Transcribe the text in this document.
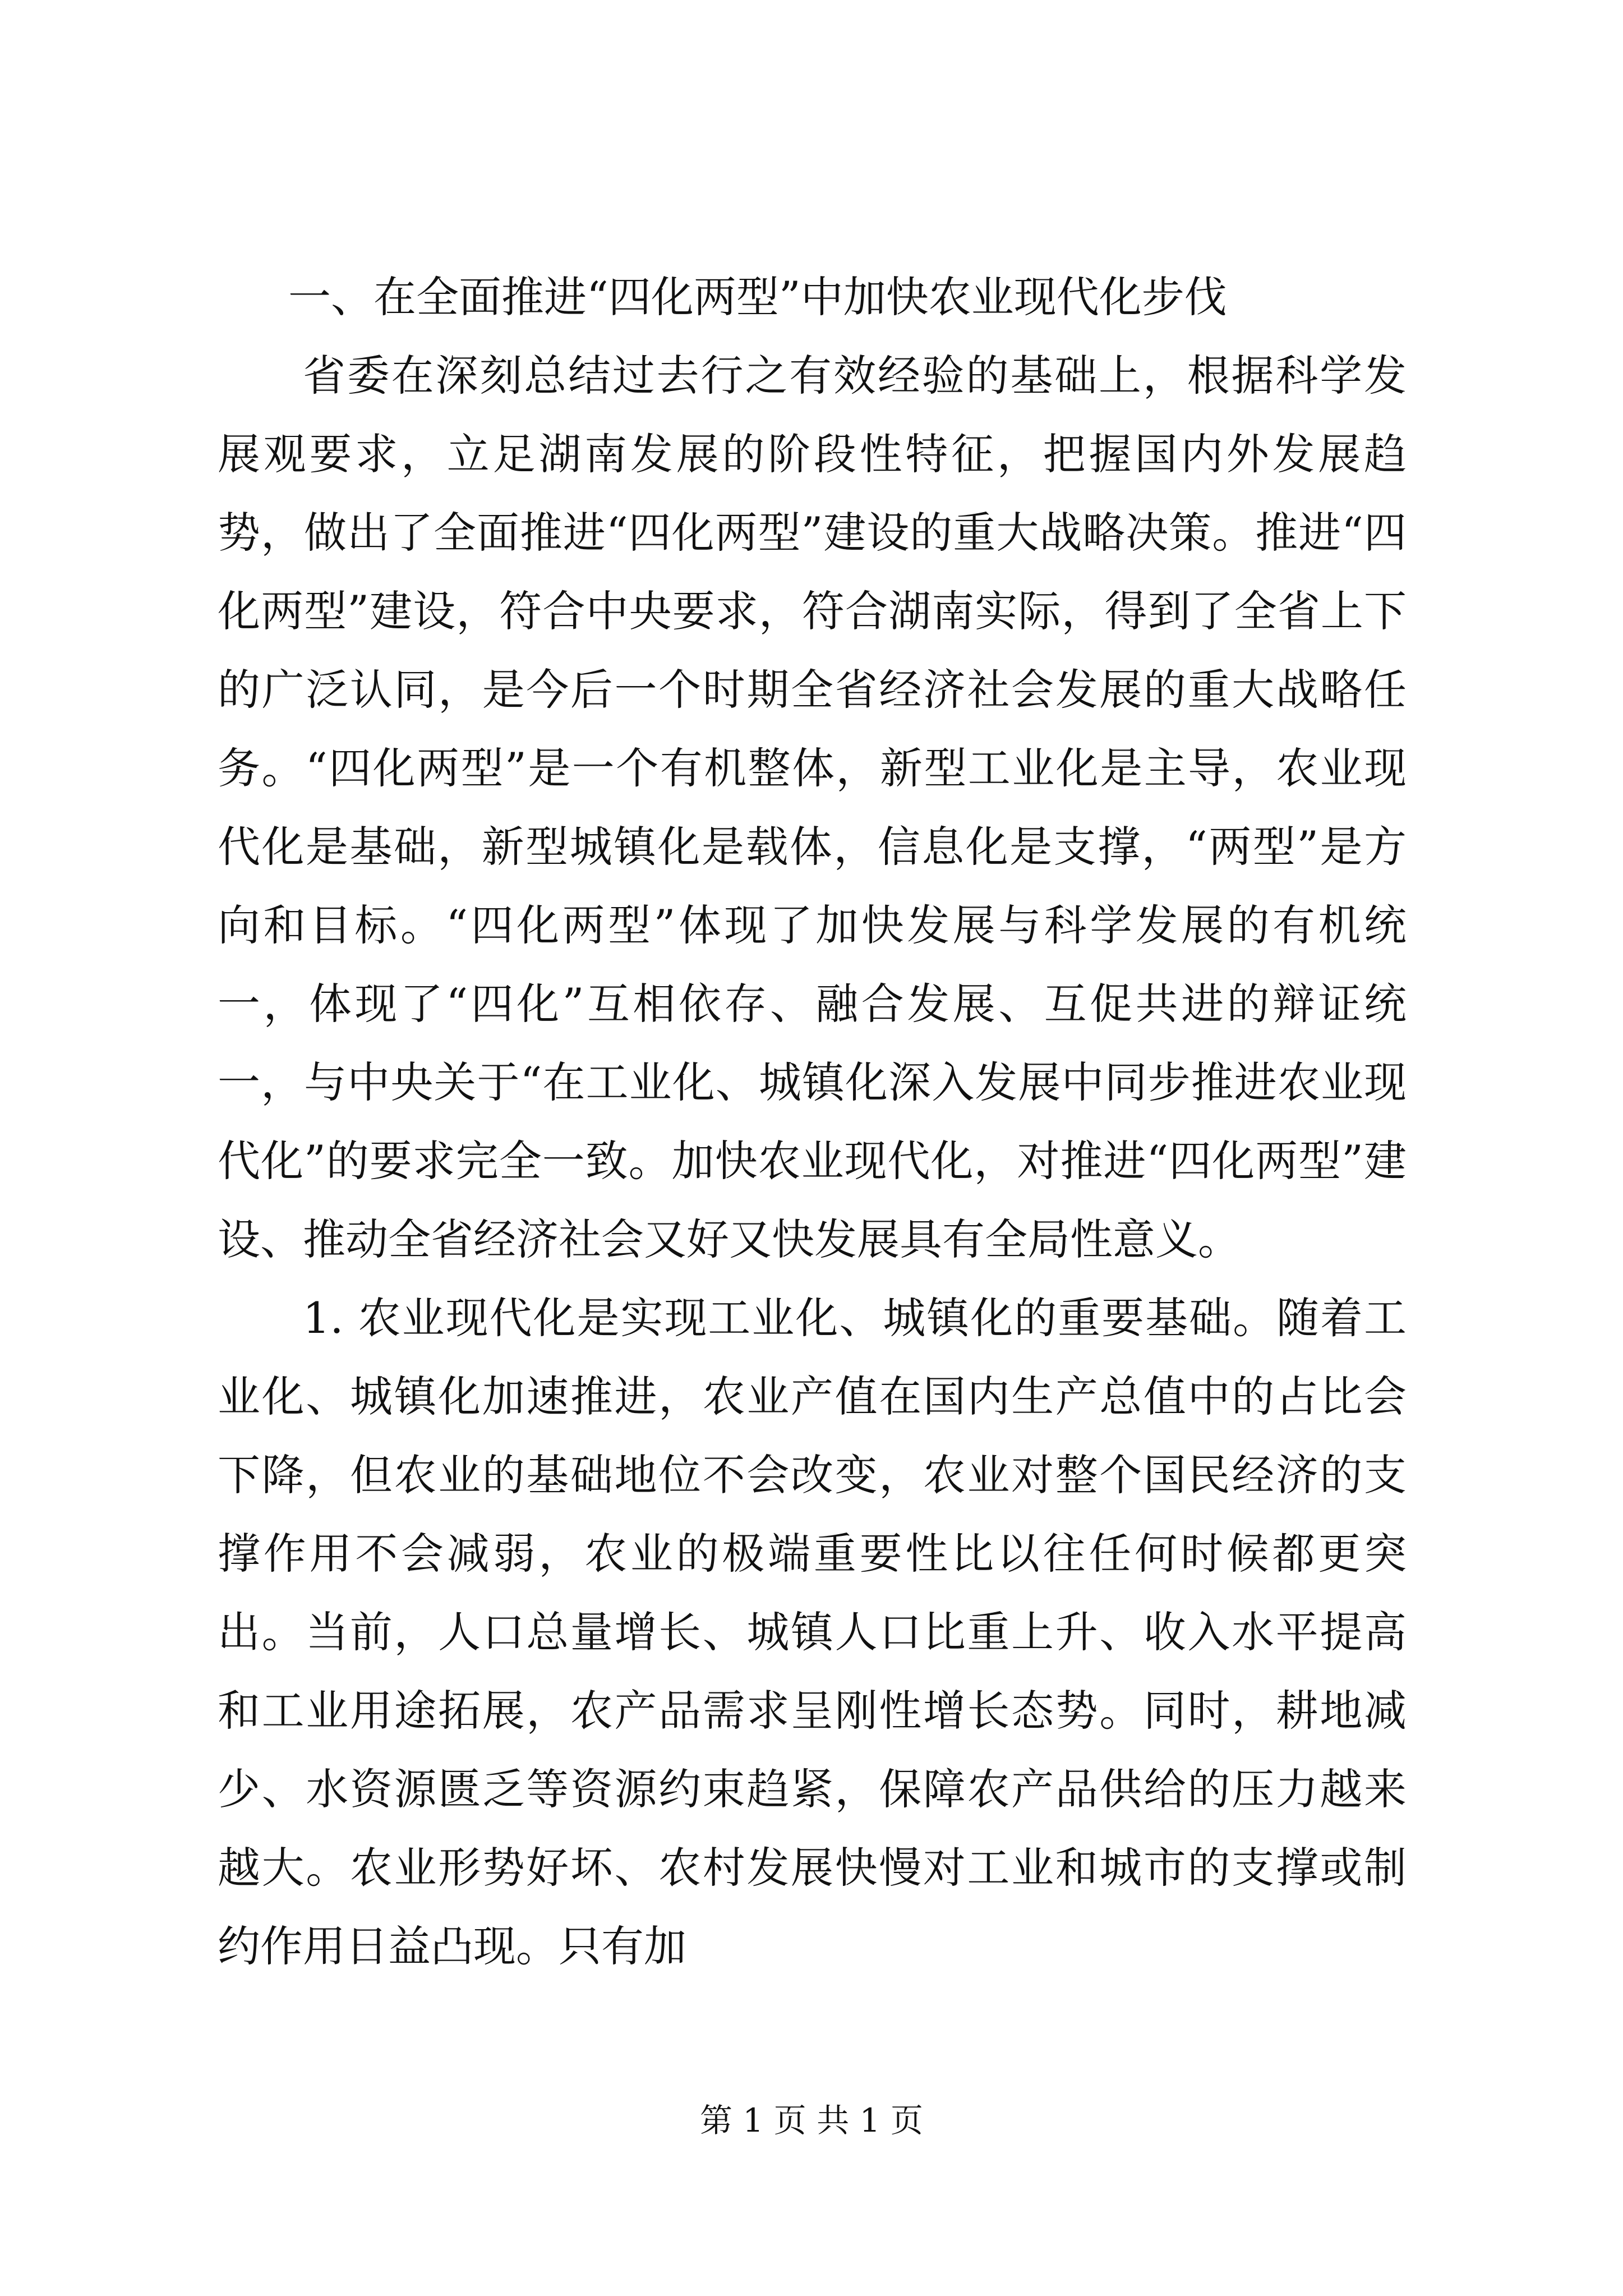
一、在全面推进“四化两型”中加快农业现代化步伐

省委在深刻总结过去行之有效经验的基础上，根据科学发展观要求，立足湖南发展的阶段性特征，把握国内外发展趋势，做出了全面推进“四化两型”建设的重大战略决策。推进“四化两型”建设，符合中央要求，符合湖南实际，得到了全省上下的广泛认同，是今后一个时期全省经济社会发展的重大战略任务。“四化两型”是一个有机整体，新型工业化是主导，农业现代化是基础，新型城镇化是载体，信息化是支撑，“两型”是方向和目标。“四化两型”体现了加快发展与科学发展的有机统一，体现了“四化”互相依存、融合发展、互促共进的辩证统一，与中央关于“在工业化、城镇化深入发展中同步推进农业现代化”的要求完全一致。加快农业现代化，对推进“四化两型”建设、推动全省经济社会又好又快发展具有全局性意义。

1. 农业现代化是实现工业化、城镇化的重要基础。随着工业化、城镇化加速推进，农业产值在国内生产总值中的占比会下降，但农业的基础地位不会改变，农业对整个国民经济的支撑作用不会减弱，农业的极端重要性比以往任何时候都更突出。当前，人口总量增长、城镇人口比重上升、收入水平提高和工业用途拓展，农产品需求呈刚性增长态势。同时，耕地减少、水资源匮乏等资源约束趋紧，保障农产品供给的压力越来越大。农业形势好坏、农村发展快慢对工业和城市的支撑或制约作用日益凸现。只有加

第 1 页 共 1 页
